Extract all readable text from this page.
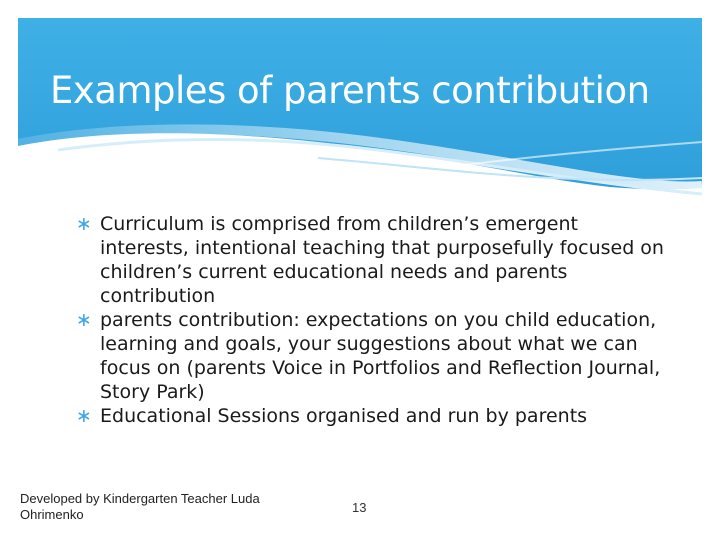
Examples of parents contribution
∗ Curriculum is comprised from children’s emergent interests, intentional teaching that purposefully focused on children’s current educational needs and parents contribution
∗ parents contribution: expectations on you child education, learning and goals, your suggestions about what we can focus on (parents Voice in Portfolios and Reflection Journal, Story Park)
∗ Educational Sessions organised and run by parents
Developed by Kindergarten Teacher Luda Ohrimenko	13
